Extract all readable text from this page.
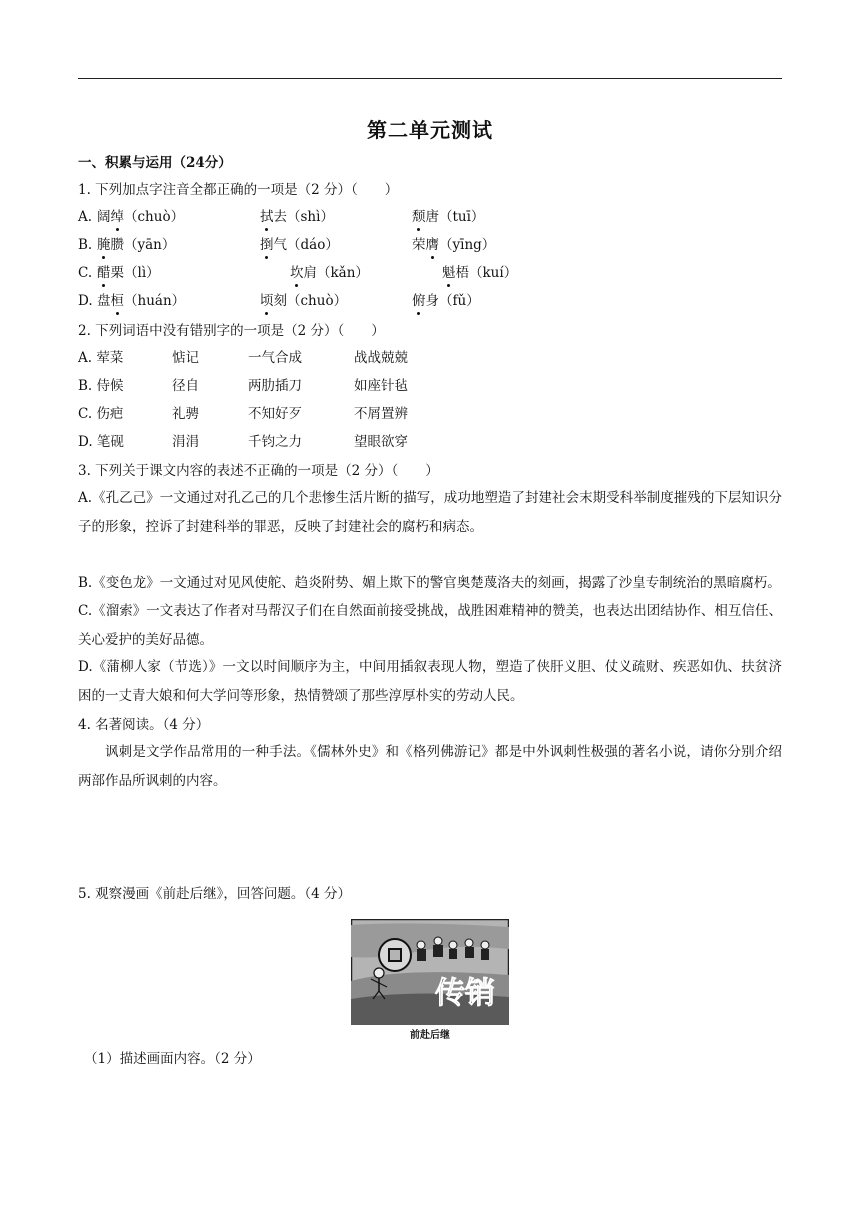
第二单元测试
一、积累与运用（24分）
1. 下列加点字注音全都正确的一项是（2 分）（　　）
A. 阔绰（chuò）	拭去（shì）	颓唐（tuī）
B. 腌臜（yān）	捯气（dáo）	荣膺（yīng）
C. 醋栗（lì）	坎肩（kǎn）	魁梧（kuí）
D. 盘桓（huán）	顷刻（chuò）	俯身（fǔ）
2. 下列词语中没有错别字的一项是（2 分）（　　）
A. 荤菜	惦记	一气合成	战战兢兢
B. 侍候	径自	两肋插刀	如座针毡
C. 伤疤	礼骋	不知好歹	不屑置辨
D. 笔砚	涓涓	千钧之力	望眼欲穿
3. 下列关于课文内容的表述不正确的一项是（2 分）（　　）
A.《孔乙己》一文通过对孔乙己的几个悲惨生活片断的描写，成功地塑造了封建社会末期受科举制度摧残的下层知识分子的形象，控诉了封建科举的罪恶，反映了封建社会的腐朽和病态。
B.《变色龙》一文通过对见风使舵、趋炎附势、媚上欺下的警官奥楚蔑洛夫的刻画，揭露了沙皇专制统治的黑暗腐朽。
C.《溜索》一文表达了作者对马帮汉子们在自然面前接受挑战，战胜困难精神的赞美，也表达出团结协作、相互信任、关心爱护的美好品德。
D.《蒲柳人家（节选）》一文以时间顺序为主，中间用插叙表现人物，塑造了侠肝义胆、仗义疏财、疾恶如仇、扶贫济困的一丈青大娘和何大学问等形象，热情赞颂了那些淳厚朴实的劳动人民。
4. 名著阅读。（4 分）
讽刺是文学作品常用的一种手法。《儒林外史》和《格列佛游记》都是中外讽刺性极强的著名小说，请你分别介绍两部作品所讽刺的内容。
5. 观察漫画《前赴后继》，回答问题。（4 分）
传销
前赴后继
（1）描述画面内容。（2 分）
